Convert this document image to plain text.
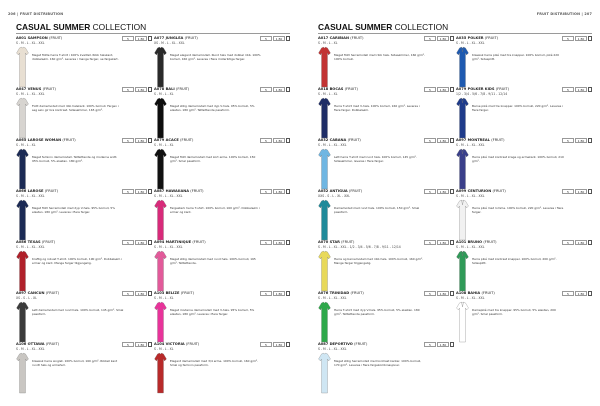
206 | FRUIT DISTRIBUTION
CASUAL SUMMER COLLECTION
A001 SAMPSON (FRUIT)
S - M - L - XL - XXL
Meget flotte herre T-shirt i 100% kvalitet. Ribb halskant, dobbelsøm. 160 g/m². Leveres i mange farger, se fargekart.
5	1 80
A047 VENUS (FRUIT)
S - M - L - XL - XXL
Flott damemodell med ribb halskant. 100% bomull. Fargen i seg selv gir bra kontrast. Sidesømmer, 165 g/m².
5	1 80
A065 LAROSE WOMAN (FRUIT)
S - M - L - XL
Meget feminin damemodell. Tettsittende og moderne snitt. 95% bomull, 5% elastan. 180 g/m².
5	1 80
A066 LAROSE (FRUIT)
S - M - L - XL - XXL
Meget flott herremodell med dyp V-hals. 95% bomull, 5% elastan. 180 g/m². Leveres i flere farger.
5	1 80
A086 TEXAS (FRUIT)
S - M - L - XL - XXL
Kraftig og robust T-shirt. 100% bomull, 190 g/m². Dobbelsøm i ermer og kant. Mange farger tilgjengelig.
5	1 80
A097 CANCUN (FRUIT)
XS - S - L - XL
Lett damemodell med rund hals. 100% bomull, 145 g/m². Smal passform.
5	1 80
A106 OTTAWA (FRUIT)
S - M - L - XL - XXL
Klassisk herre singlet. 100% bomull, 160 g/m². Ribbet kant rundt hals og ermehull.
5	1 80
A077 JUNGLEA (FRUIT)
XS - M - L - XL - XXL
Meget elegant damemodell. Rund hals med dobbel ribb. 100% bomull, 160 g/m². Leveres i flere moteriktige farger.
5	1 80
A078 BALI (FRUIT)
S - M - L - XL
Meget stilig damemodell med dyp V-hals. 95% bomull, 5% elastan. 180 g/m². Tettsittende passform.
5	1 80
A079 ACACE (FRUIT)
S - M - L - XL
Meget flott damemodell med kort erme. 100% bomull, 150 g/m². Smal passform.
5	1 80
A087 HAWAIIANA (FRUIT)
S - M - L - XL - XXL
Fargesterk herre T-shirt. 100% bomull, 160 g/m². Dobbelsøm i ermer og kant.
5	1 80
A094 MARTINIQUE (FRUIT)
S - M - L - XL - XXL
Meget stilig damemodell med rund hals. 100% bomull, 165 g/m². Tettsittende.
5	1 80
A103 BELIZE (FRUIT)
S - M - L - XL
Meget moderne damemodell med V-hals. 95% bomull, 5% elastan, 180 g/m². Leveres i flere farger.
5	1 80
A104 VICTORIA (FRUIT)
S - M - L - XL
Elegant damemodell med 3/4 erme. 100% bomull, 160 g/m². Smal og feminin passform.
5	1 80
FRUIT DISTRIBUTION | 207
CASUAL SUMMER COLLECTION
A017 CARIBIAN (FRUIT)
S - M - L - XL
Meget flott herremodell med ribb hals. Sidesømmer, 160 g/m². 100% bomull.
5	1 80
A018 BOCAS (FRUIT)
S - M - L - XL
Herre T-shirt med V-hals. 100% bomull, 160 g/m². Leveres i flere farger. Dobbelsøm.
5	1 80
A032 CABANA (FRUIT)
S - M - L - XL - XXL
Lett herre T-shirt med rund hals. 100% bomull, 145 g/m². Sidesømmer, leveres i flere farger.
5	1 80
A052 ANTIGUA (FRUIT)
XXS - S - L - XL - XXL
Damemodell med rund hals. 100% bomull, 150 g/m². Smal passform.
5	1 80
A070 STAR (FRUIT)
S - M - L - XL - XXL - 1/2 - 3/4 - 5/6 - 7/8 - 9/11 - 12/14
Herre og barnemodell med ribb hals. 100% bomull, 160 g/m². Mange farger tilgjengelig.
5	1 80
A076 TRINIDAD (FRUIT)
S - M - L - XL - XXL
Herre T-shirt med dyp V-hals. 95% bomull, 5% elastan. 180 g/m². Tettsittende passform.
5	1 80
A087 DEPORTIVO (FRUIT)
S - M - L - XL - XXL
Meget stilig herremodell med kontrast kanter. 100% bomull, 170 g/m². Leveres i flere fargekombinasjoner.
5	1 80
A035 POLKER (FRUIT)
S - M - L - XL - XXL
Klassisk herre piké med tre knapper. 100% bomull, piké 220 g/m². Sidesplitt.
5	1 80
A079 POLKER KIDS (FRUIT)
1/2 - 3/4 - 5/6 - 7/8 - 9/11 - 12/14
Barne piké med tre knapper. 100% bomull, 220 g/m². Leveres i flere farger.
5	1 80
A097 MONTREAL (FRUIT)
S - M - L - XL - XXL
Herre piké med kontrast krage og ermekant. 100% bomull, 210 g/m².
5	1 80
A099 CENTURION (FRUIT)
S - M - L - XL - XXL
Herre piké med lomme. 100% bomull, 220 g/m². Leveres i flere farger.
5	1 80
A101 BRUNO (FRUIT)
S - M - L - XL - XXL
Herre piké med kontrast knapper. 100% bomull, 200 g/m². Sidesplitt.
5	1 80
A108 BAHIA (FRUIT)
S - M - L - XL - XXL
Damepiké med tre knapper. 95% bomull, 5% elastan, 200 g/m². Smal passform.
5	1 80
